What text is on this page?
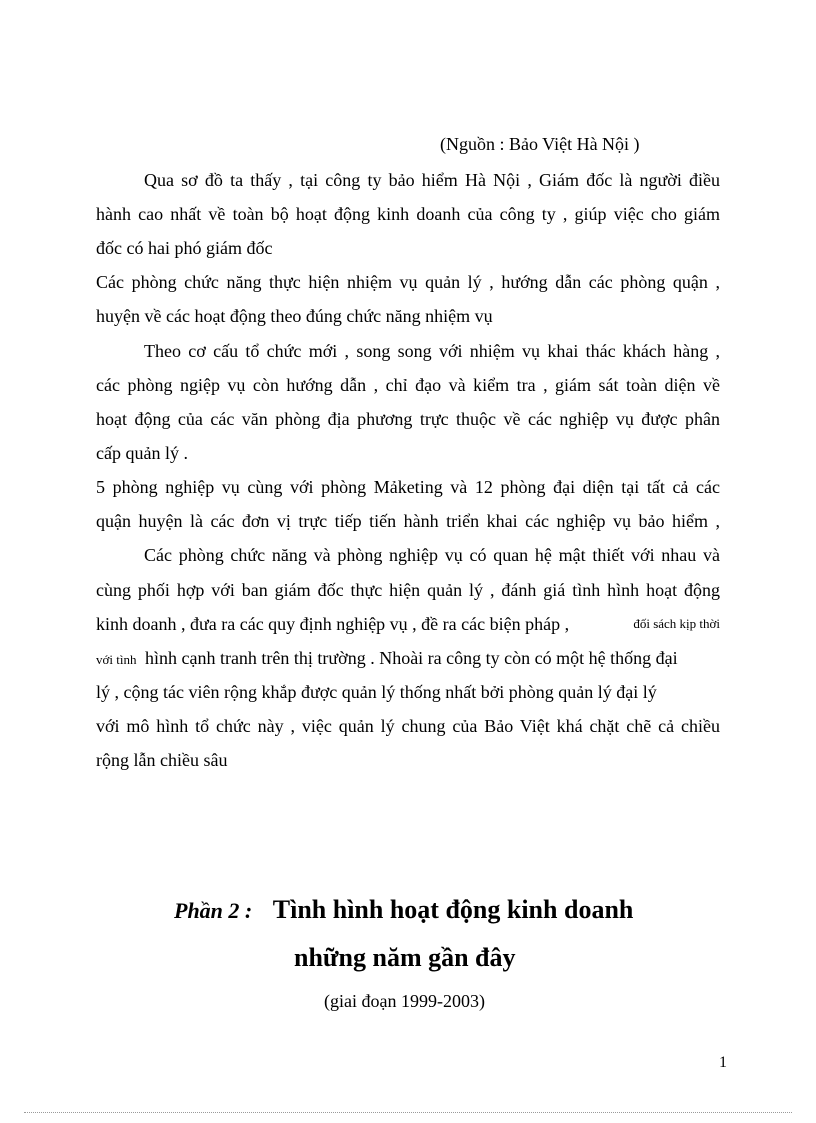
(Nguồn : Bảo Việt Hà Nội )
Qua sơ đồ ta thấy , tại công ty bảo hiểm Hà Nội , Giám đốc là người điều
hành cao nhất về toàn bộ hoạt động kinh doanh của công ty , giúp việc cho giám
đốc có hai phó giám đốc
Các phòng chức năng thực hiện nhiệm vụ quản lý , hướng dẫn các phòng quận ,
huyện về các hoạt động theo đúng chức năng nhiệm vụ
Theo cơ cấu tổ chức mới , song song với nhiệm vụ khai thác khách hàng ,
các phòng ngiệp vụ còn hướng dẫn , chỉ đạo và kiểm tra , giám sát toàn diện về
hoạt động của các văn phòng địa phương trực thuộc về các nghiệp vụ được phân
cấp quản lý .
5 phòng nghiệp vụ cùng với phòng Mảketing và 12 phòng đại diện tại tất cả các
quận huyện là các đơn vị trực tiếp tiến hành triển khai các nghiệp vụ bảo hiểm ,
Các phòng chức năng và phòng nghiệp vụ có quan hệ mật thiết với nhau và
cùng phối hợp với ban giám đốc thực hiện quản lý , đánh giá tình hình hoạt động
kinh doanh , đưa ra các quy định nghiệp vụ , đề ra các biện pháp ,	đối sách kịp thời
với tình hình cạnh tranh trên thị trường . Nhoài ra công ty còn có một hệ thống đại
lý , cộng tác viên rộng khắp được quản lý thống nhất bởi phòng quản lý đại lý
với mô hình tổ chức này , việc quản lý chung của Bảo Việt khá chặt chẽ cả chiều
rộng lẫn chiều sâu
Phần 2 : Tình hình hoạt động kinh doanh
những năm gần đây
(giai đoạn 1999-2003)
1
